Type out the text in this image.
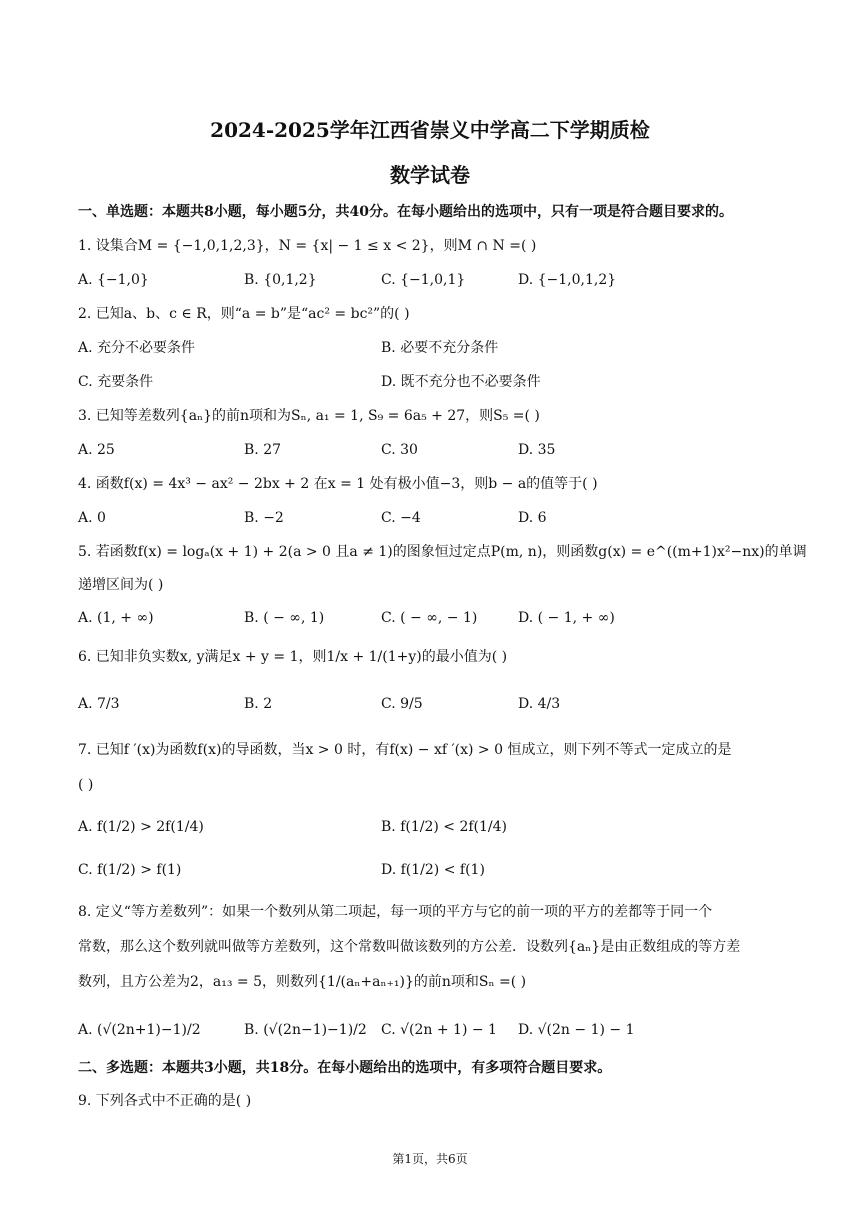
2024-2025学年江西省崇义中学高二下学期质检
数学试卷
一、单选题：本题共8小题，每小题5分，共40分。在每小题给出的选项中，只有一项是符合题目要求的。
1. 设集合M = {−1,0,1,2,3}，N = {x| − 1 ≤ x < 2}，则M ∩ N =( )
A. {−1,0}	B. {0,1,2}	C. {−1,0,1}	D. {−1,0,1,2}
2. 已知a、b、c ∈ R，则“a = b”是“ac² = bc²”的( )
A. 充分不必要条件	B. 必要不充分条件
C. 充要条件	D. 既不充分也不必要条件
3. 已知等差数列{aₙ}的前n项和为Sₙ, a₁ = 1, S₉ = 6a₅ + 27，则S₅ =( )
A. 25	B. 27	C. 30	D. 35
4. 函数f(x) = 4x³ − ax² − 2bx + 2 在x = 1 处有极小值−3，则b − a的值等于( )
A. 0	B. −2	C. −4	D. 6
5. 若函数f(x) = logₐ(x + 1) + 2(a > 0 且a ≠ 1)的图象恒过定点P(m, n)，则函数g(x) = e^((m+1)x²−nx)的单调
递增区间为( )
A. (1, + ∞)	B. ( − ∞, 1)	C. ( − ∞, − 1)	D. ( − 1, + ∞)
6. 已知非负实数x, y满足x + y = 1，则1/x + 1/(1+y)的最小值为( )
A. 7/3	B. 2	C. 9/5	D. 4/3
7. 已知f ′(x)为函数f(x)的导函数，当x > 0 时，有f(x) − xf ′(x) > 0 恒成立，则下列不等式一定成立的是
( )
A. f(1/2) > 2f(1/4)	B. f(1/2) < 2f(1/4)
C. f(1/2) > f(1)	D. f(1/2) < f(1)
8. 定义“等方差数列”：如果一个数列从第二项起，每一项的平方与它的前一项的平方的差都等于同一个
常数，那么这个数列就叫做等方差数列，这个常数叫做该数列的方公差．设数列{aₙ}是由正数组成的等方差
数列，且方公差为2，a₁₃ = 5，则数列{1/(aₙ+aₙ₊₁)}的前n项和Sₙ =( )
A. (√(2n+1)−1)/2	B. (√(2n−1)−1)/2 C. √(2n + 1) − 1 D. √(2n − 1) − 1
二、多选题：本题共3小题，共18分。在每小题给出的选项中，有多项符合题目要求。
9. 下列各式中不正确的是( )
第1页，共6页
